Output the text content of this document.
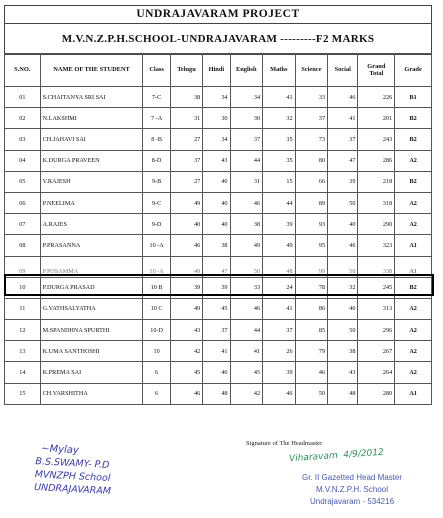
UNDRAJAVARAM PROJECT
M.V.N.Z.P.H.SCHOOL-UNDRAJAVARAM ---------F2 MARKS
S.NO.	NAME OF THE STUDENT	Class	Telugu	Hindi	English	Maths	Science	Social	Grand Total	Grade
01	S.CHAITANYA SRI SAI	7-C	38	34	34	41	33	46	226	B1
02	N.LAKSHMI	7 -A	31	30	30	32	37	41	201	B2
03	CH.JAHAVI SAI	8 -B	27	34	37	35	73	37	243	B2
04	K.DURGA PRAVEEN	8-D	37	43	44	35	80	47	286	A2
05	V.RAJESH	9-B	27	40	31	15	66	39	218	B2
06	P.NEELIMA	9-C	49	40	46	44	89	50	318	A2
07	A.RAJES	9-D	40	40	38	39	93	40	290	A2
08	P.PRASANNA	10 -A	46	38	49	49	95	46	323	A1
09	P.POSAMMA	10 -A	49	47	50	48	99	50	338	A1
10	P.DURGA PRASAD	10 B	39	39	33	24	78	32	245	B2
11	G.VATHSALYATHA	10 C	49	45	46	41	86	46	313	A2
12	M.SPANDHNA SPURTHI	10-D	43	37	44	37	85	50	296	A2
13	K.UMA SANTHOSHI	10	42	41	41	26	79	38	267	A2
14	K.PREMA SAI	6	45	46	45	39	46	43	264	A2
15	CH.VARSHITHA	6	46	48	42	46	50	48	280	A1
~Mylay
B.S.SWAMY- P.D
MVNZPH School
UNDRAJAVARAM
Signature of The Headmaster
Viharavam  4/9/2012
Gr. II Gazetted Head Master
M.V.N.Z.P.H. School
Undrajavaram - 534216
